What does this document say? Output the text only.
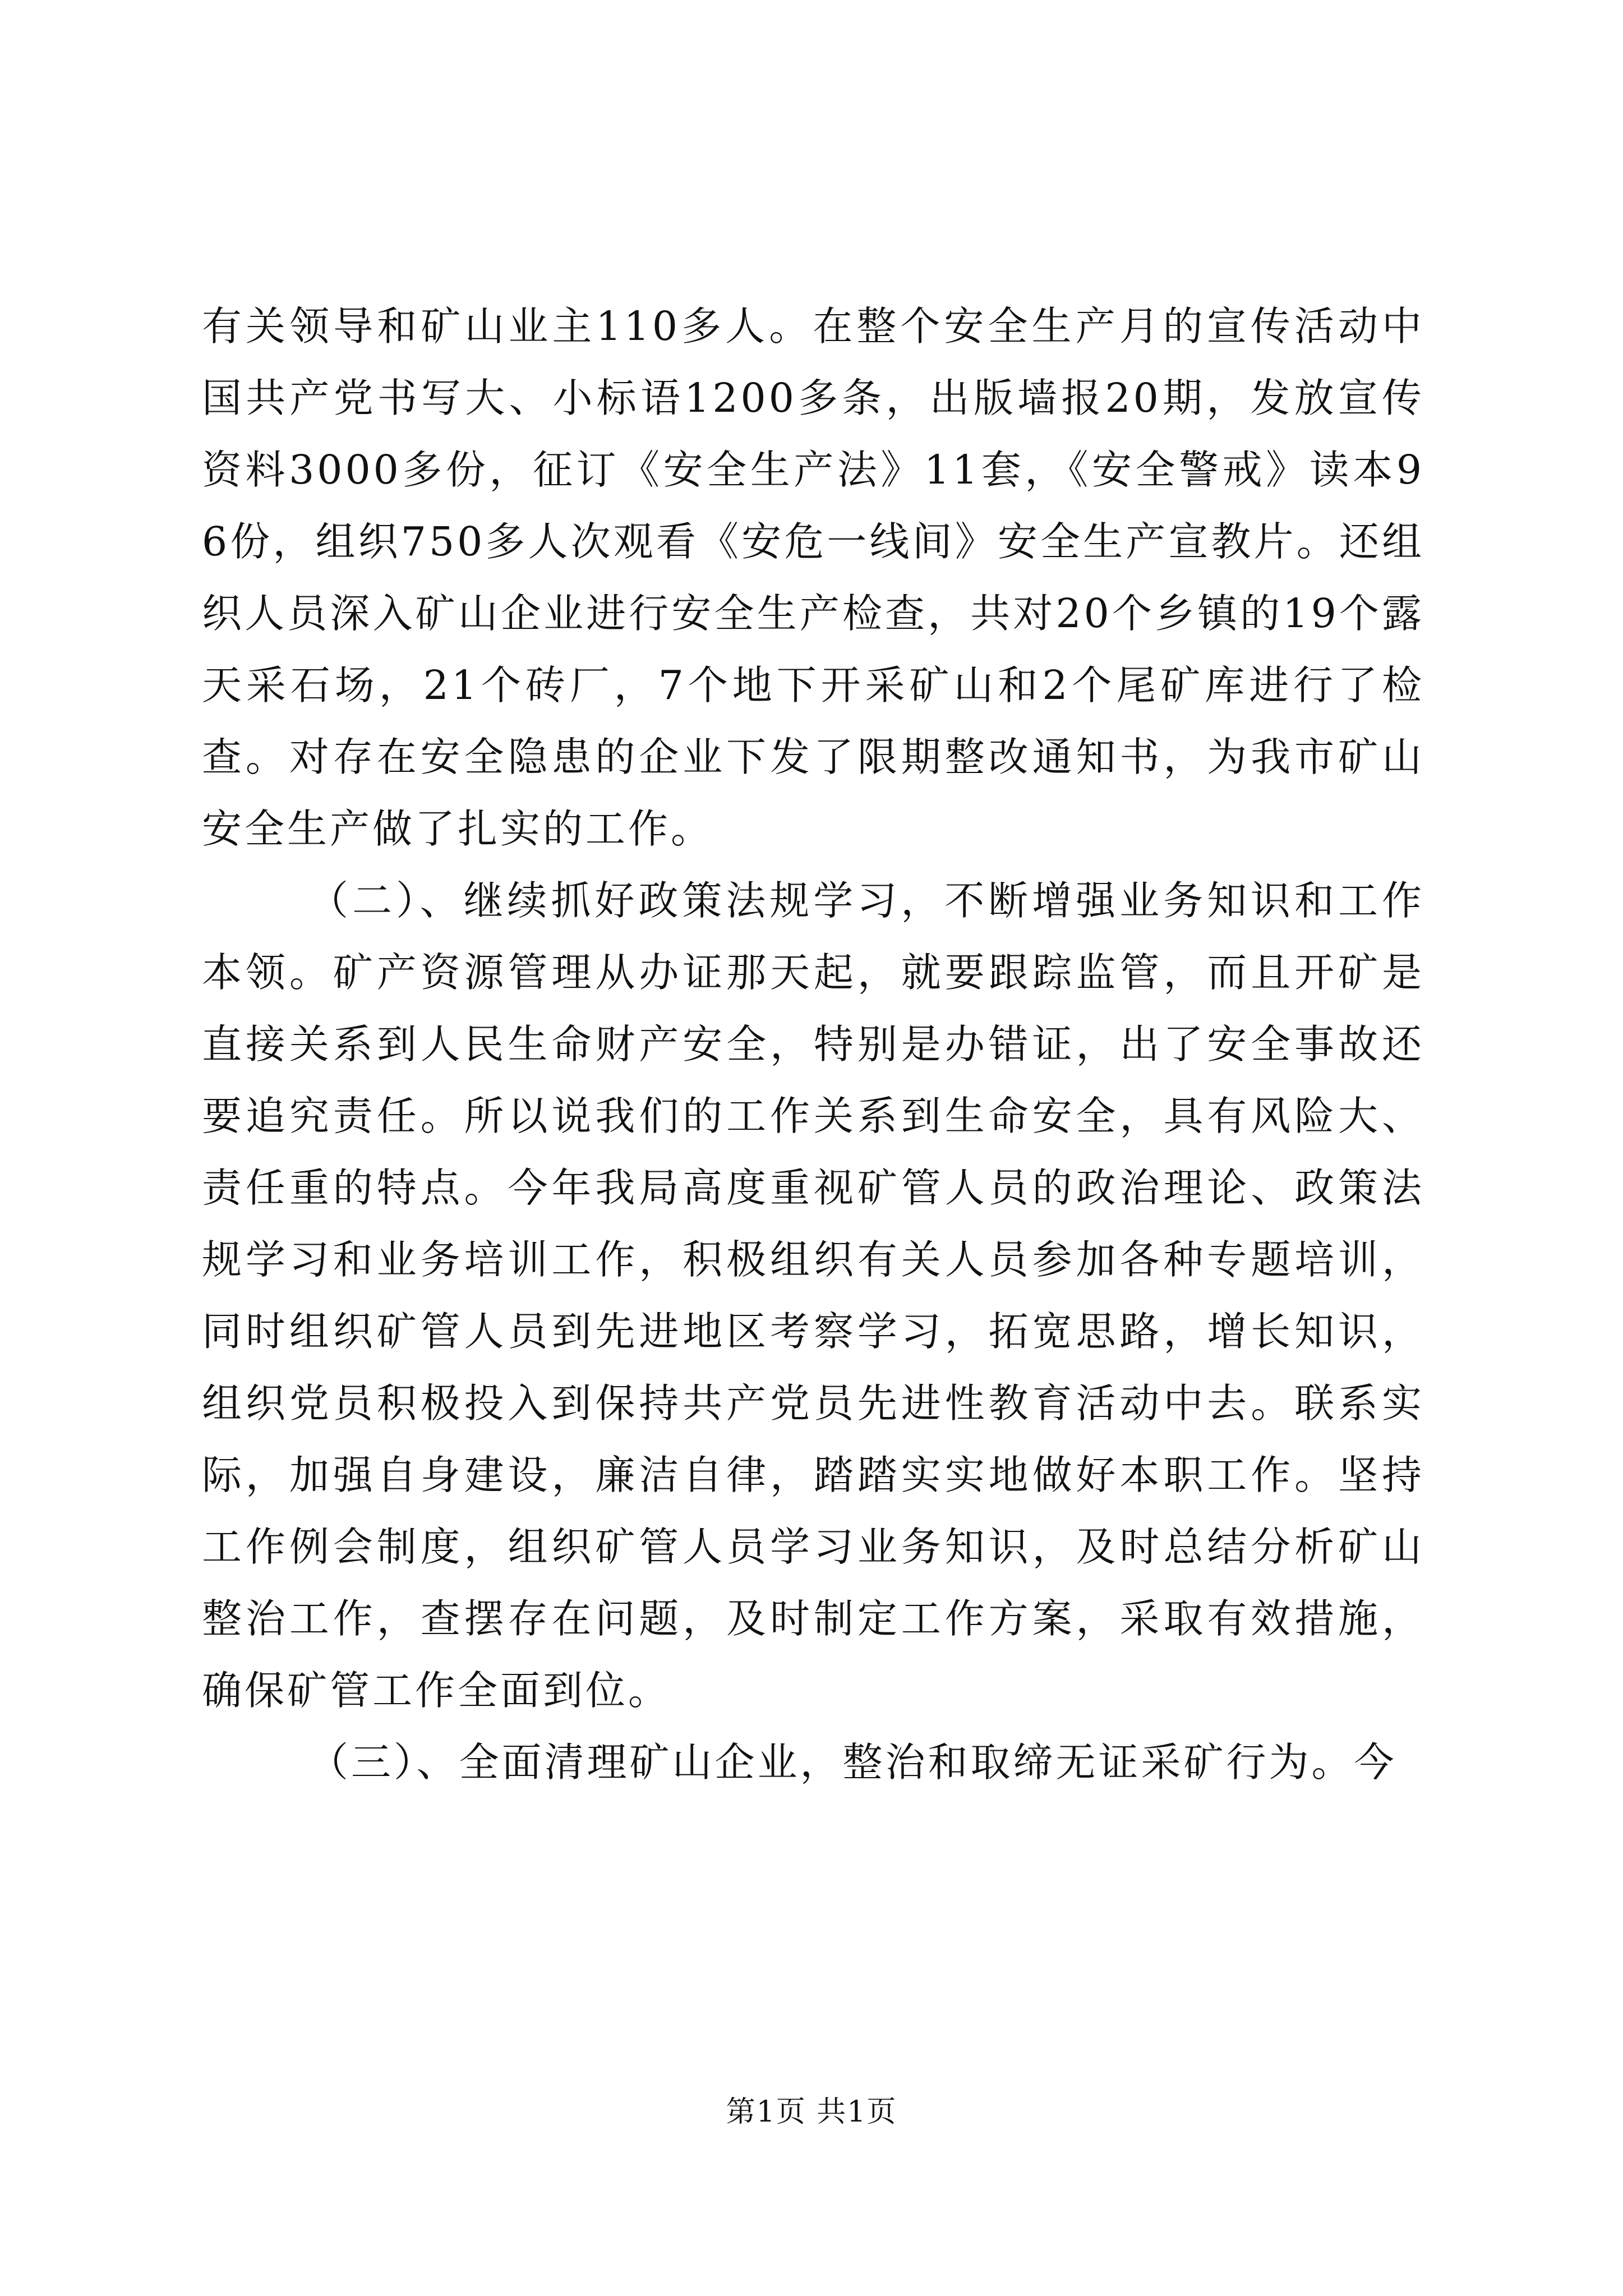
有关领导和矿山业主110多人。在整个安全生产月的宣传活动中国共产党书写大、小标语1200多条，出版墙报20期，发放宣传资料3000多份，征订《安全生产法》11套，《安全警戒》读本96份，组织750多人次观看《安危一线间》安全生产宣教片。还组织人员深入矿山企业进行安全生产检查，共对20个乡镇的19个露天采石场，21个砖厂，7个地下开采矿山和2个尾矿库进行了检查。对存在安全隐患的企业下发了限期整改通知书，为我市矿山安全生产做了扎实的工作。

（二）、继续抓好政策法规学习，不断增强业务知识和工作本领。矿产资源管理从办证那天起，就要跟踪监管，而且开矿是直接关系到人民生命财产安全，特别是办错证，出了安全事故还要追究责任。所以说我们的工作关系到生命安全，具有风险大、责任重的特点。今年我局高度重视矿管人员的政治理论、政策法规学习和业务培训工作，积极组织有关人员参加各种专题培训，同时组织矿管人员到先进地区考察学习，拓宽思路，增长知识，组织党员积极投入到保持共产党员先进性教育活动中去。联系实际，加强自身建设，廉洁自律，踏踏实实地做好本职工作。坚持工作例会制度，组织矿管人员学习业务知识，及时总结分析矿山整治工作，查摆存在问题，及时制定工作方案，采取有效措施，确保矿管工作全面到位。

（三）、全面清理矿山企业，整治和取缔无证采矿行为。今

第1页 共1页
